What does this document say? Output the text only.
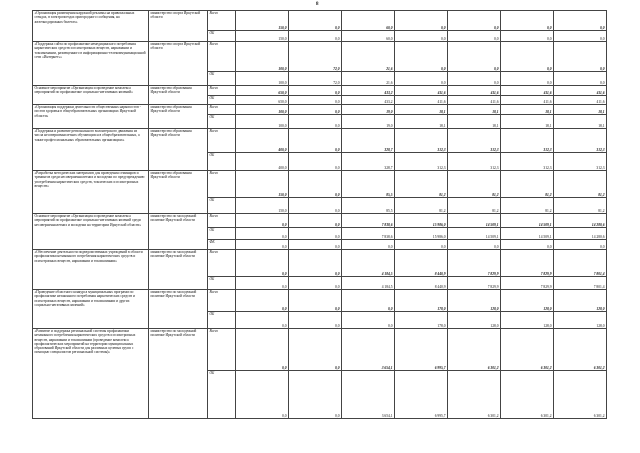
8
«Организация размещения наружной рекламы на привокзальных стендах, в электропоездах пригородного сообщения, на железнодорожных билетах»	министерство спорта Иркутской области	Всего	150,0	0,0	60,0	0,0	0,0	0,0	0,0
		ОБ	150,0	0,0	60,0	0,0	0,0	0,0	0,0
«Поддержка сайта по профилактике немедицинского потребления наркотических средств и психотропных веществ, наркомании и токсикомании, размещенного в информационно-телекоммуникационной сети «Интернет»»	министерство спорта Иркутской области	Всего	100,0	72,0	21,6	0,0	0,0	0,0	0,0
		ОБ	100,0	72,0	21,6	0,0	0,0	0,0	0,0
Основное мероприятие «Организация и проведение комплекса мероприятий по профилактике социально-негативных явлений»	министерство образования Иркутской области	Всего	650,0	0,0	433,2	411,6	411,6	411,6	411,6
		ОБ	650,0	0,0	433,2	411,6	411,6	411,6	411,6
«Организация поддержки деятельности общественных наркопостов - постов здоровья в общеобразовательных организациях Иркутской области»	министерство образования Иркутской области	Всего	100,0	0,0	19,0	18,1	18,1	18,1	18,1
		ОБ	100,0	0,0	19,0	18,1	18,1	18,1	18,1
«Поддержка и развитие регионального волонтерского движения из числа несовершеннолетних обучающихся в общеобразовательных, а также профессиональных образовательных организациях»	министерство образования Иркутской области	Всего	400,0	0,0	328,7	312,3	312,3	312,3	312,3
		ОБ	400,0	0,0	328,7	312,3	312,3	312,3	312,3
«Разработка методических материалов для проведения семинаров и тренингов среди несовершеннолетних и молодежи по предупреждению употребления наркотических средств, токсических и психотропных веществ»	министерство образования Иркутской области	Всего	150,0	0,0	85,5	81,2	81,2	81,2	81,2
		ОБ	150,0	0,0	85,5	81,2	81,2	81,2	81,2
Основное мероприятие «Организация и проведение комплекса мероприятий по профилактике социально-негативных явлений среди несовершеннолетних и молодежи на территории Иркутской области»	министерство по молодежной политике Иркутской области	Всего	0,0	0,0	7 838,6	15 986,0	14 509,1	14 509,1	14 280,6
		ОБ	0,0	0,0	7 838,6	15 986,0	14 509,1	14 509,1	14 280,6
		ФБ	0,0	0,0	0,0	0,0	0,0	0,0	0,0
«Обеспечение деятельности подведомственных учреждений в области профилактики незаконного потребления наркотических средств и психотропных веществ, наркомании и токсикомании»	министерство по молодежной политике Иркутской области	Всего	0,0	0,0	4 184,5	8 440,9	7 829,9	7 829,9	7 801,4
		ОБ	0,0	0,0	4 184,5	8 440,9	7 829,9	7 829,9	7 801,4
«Проведение областного конкурса муниципальных программ по профилактике незаконного потребления наркотических средств и психотропных веществ, наркомании и токсикомании и других социально-негативных явлений»	министерство по молодежной политике Иркутской области	Всего	0,0	0,0	0,0	178,0	128,0	128,0	128,0
		ОБ	0,0	0,0	0,0	178,0	128,0	128,0	128,0
«Развитие и поддержка региональной системы профилактики незаконного потребления наркотических средств и психотропных веществ, наркомании и токсикомании (проведение комплекса профилактических мероприятий на территории муниципальных образований Иркутской области для различных целевых групп с помощью специалистов региональной системы)»	министерство по молодежной политике Иркутской области	Всего	0,0	0,0	3 654,1	6 995,7	6 301,2	6 301,2	6 301,2
		ОБ	0,0	0,0	3 654,1	6 995,7	6 301,2	6 301,2	6 301,2
